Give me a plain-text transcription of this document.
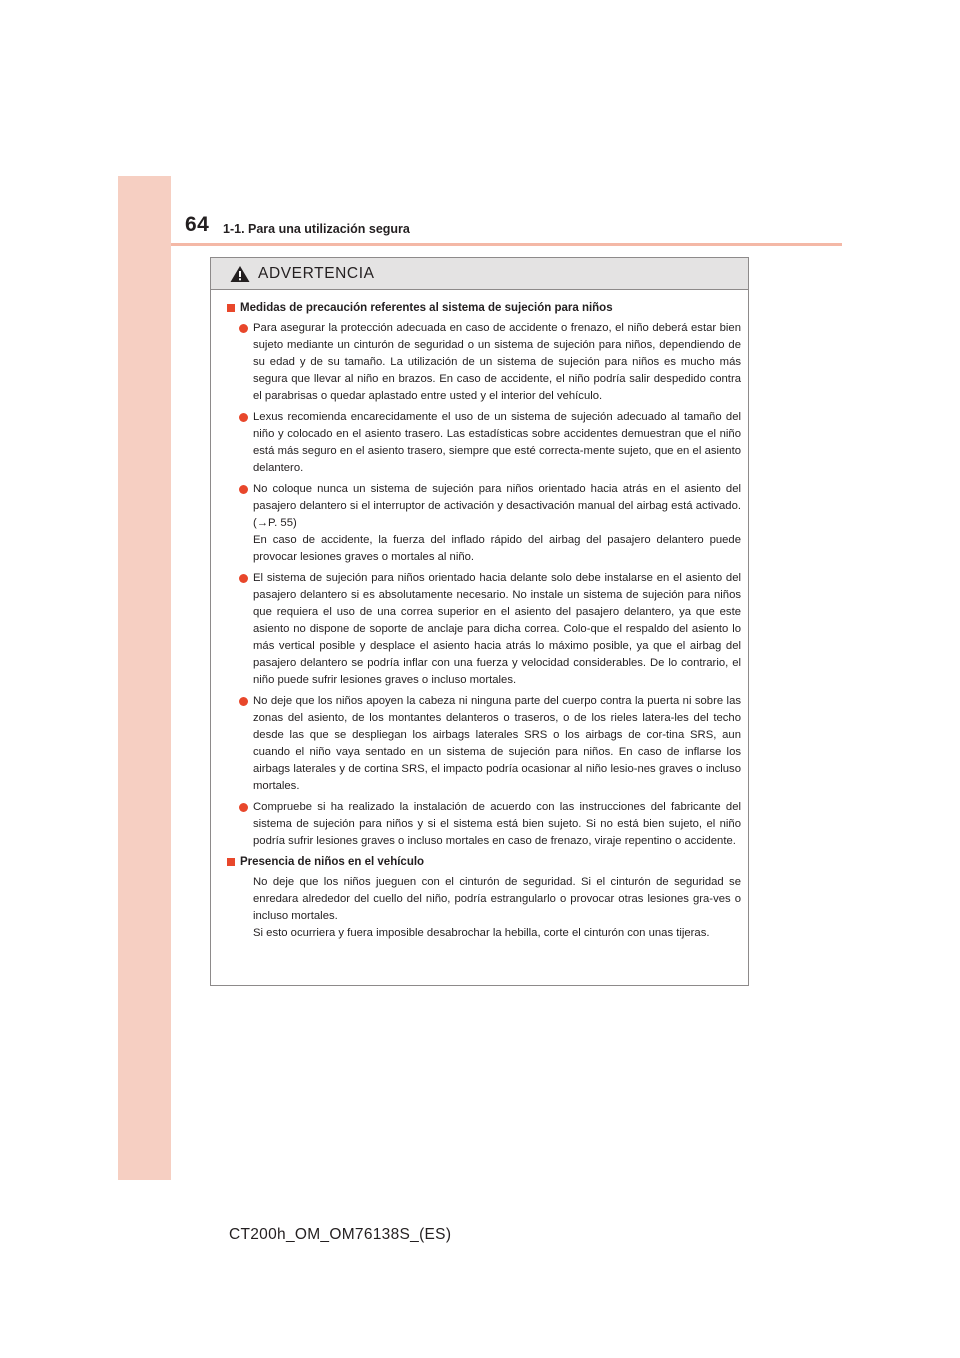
64 1-1. Para una utilización segura
ADVERTENCIA
Medidas de precaución referentes al sistema de sujeción para niños
Para asegurar la protección adecuada en caso de accidente o frenazo, el niño deberá estar bien sujeto mediante un cinturón de seguridad o un sistema de sujeción para niños, dependiendo de su edad y de su tamaño. La utilización de un sistema de sujeción para niños es mucho más segura que llevar al niño en brazos. En caso de accidente, el niño podría salir despedido contra el parabrisas o quedar aplastado entre usted y el interior del vehículo.
Lexus recomienda encarecidamente el uso de un sistema de sujeción adecuado al tamaño del niño y colocado en el asiento trasero. Las estadísticas sobre accidentes demuestran que el niño está más seguro en el asiento trasero, siempre que esté correcta-mente sujeto, que en el asiento delantero.
No coloque nunca un sistema de sujeción para niños orientado hacia atrás en el asiento del pasajero delantero si el interruptor de activación y desactivación manual del airbag está activado. (→P. 55)
En caso de accidente, la fuerza del inflado rápido del airbag del pasajero delantero puede provocar lesiones graves o mortales al niño.
El sistema de sujeción para niños orientado hacia delante solo debe instalarse en el asiento del pasajero delantero si es absolutamente necesario. No instale un sistema de sujeción para niños que requiera el uso de una correa superior en el asiento del pasajero delantero, ya que este asiento no dispone de soporte de anclaje para dicha correa. Colo-que el respaldo del asiento lo más vertical posible y desplace el asiento hacia atrás lo máximo posible, ya que el airbag del pasajero delantero se podría inflar con una fuerza y velocidad considerables. De lo contrario, el niño puede sufrir lesiones graves o incluso mortales.
No deje que los niños apoyen la cabeza ni ninguna parte del cuerpo contra la puerta ni sobre las zonas del asiento, de los montantes delanteros o traseros, o de los rieles latera-les del techo desde las que se despliegan los airbags laterales SRS o los airbags de cor-tina SRS, aun cuando el niño vaya sentado en un sistema de sujeción para niños. En caso de inflarse los airbags laterales y de cortina SRS, el impacto podría ocasionar al niño lesio-nes graves o incluso mortales.
Compruebe si ha realizado la instalación de acuerdo con las instrucciones del fabricante del sistema de sujeción para niños y si el sistema está bien sujeto. Si no está bien sujeto, el niño podría sufrir lesiones graves o incluso mortales en caso de frenazo, viraje repentino o accidente.
Presencia de niños en el vehículo
No deje que los niños jueguen con el cinturón de seguridad. Si el cinturón de seguridad se enredara alrededor del cuello del niño, podría estrangularlo o provocar otras lesiones gra-ves o incluso mortales.
Si esto ocurriera y fuera imposible desabrochar la hebilla, corte el cinturón con unas tijeras.
CT200h_OM_OM76138S_(ES)
